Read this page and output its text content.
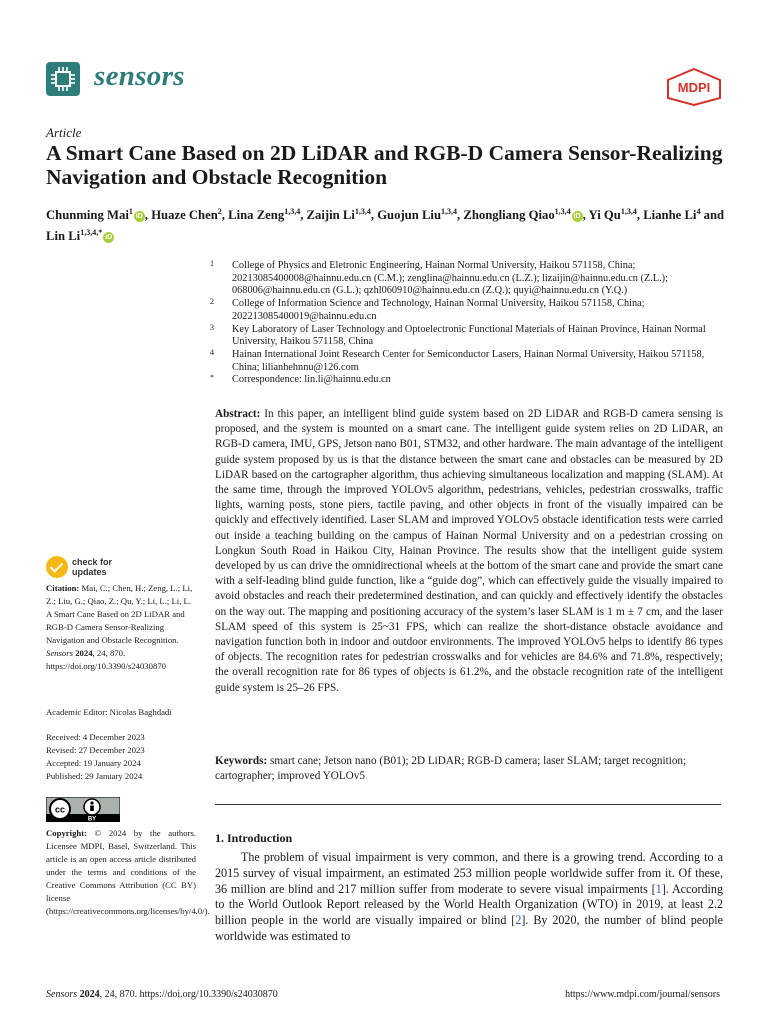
sensors	MDPI
Article
A Smart Cane Based on 2D LiDAR and RGB-D Camera Sensor-Realizing Navigation and Obstacle Recognition

Chunming Mai$^1$iD , Huaze Chen$^2$, Lina Zeng$^{1,3,4}$, Zaijin Li$^{1,3,4}$, Guojun Liu$^{1,3,4}$, Zhongliang Qiao$^{1,3,4}$iD , Yi Qu$^{1,3,4}$, Lianhe Li$^4$ and Lin $Li^{1,3,4,*}iD$

1 College of Physics and Eletronic Engineering, Hainan Normal University, Haikou 571158, China; 20213085400008@hainnu.edu.cn (C.M.); zenglina@hainnu.edu.cn (L.Z.); lizaijin@hainnu.edu.cn (Z.L.); 068006@hainnu.edu.cn (G.L.); qzhl060910@hainnu.edu.cn (Z.Q.); quyi@hainnu.edu.cn (Y.Q.)
2 College of Information Science and Technology, Hainan Normal University, Haikou 571158, China; 202213085400019@hainnu.edu.cn
3 Key Laboratory of Laser Technology and Optoelectronic Functional Materials of Hainan Province, Hainan Normal University, Haikou 571158, China
4 Hainan International Joint Research Center for Semiconductor Lasers, Hainan Normal University, Haikou 571158, China; lilianhehnnu@126.com
* Correspondence: lin.li@hainnu.edu.cn

Abstract: In this paper, an intelligent blind guide system based on 2D LiDAR and RGB-D camera sensing is proposed, and the system is mounted on a smart cane. The intelligent guide system relies on 2D LiDAR, an RGB-D camera, IMU, GPS, Jetson nano B01, STM32, and other hardware. The main advantage of the intelligent guide system proposed by us is that the distance between the smart cane and obstacles can be measured by 2D LiDAR based on the cartographer algorithm, thus achieving simultaneous localization and mapping (SLAM). At the same time, through the improved YOLOv5 algorithm, pedestrians, vehicles, pedestrian crosswalks, traffic lights, warning posts, stone piers, tactile paving, and other objects in front of the visually impaired can be quickly and effectively identified. Laser SLAM and improved YOLOv5 obstacle identification tests were carried out inside a teaching building on the campus of Hainan Normal University and on a pedestrian crossing on Longkun South Road in Haikou City, Hainan Province. The results show that the intelligent guide system developed by us can drive the omnidirectional wheels at the bottom of the smart cane and provide the smart cane with a self-leading blind guide function, like a “guide dog”, which can effectively guide the visually impaired to avoid obstacles and reach their predetermined destination, and can quickly and effectively identify the obstacles on the way out. The mapping and positioning accuracy of the system’s laser SLAM is 1 m ± 7 cm, and the laser SLAM speed of this system is 25~31 FPS, which can realize the short-distance obstacle avoidance and navigation function both in indoor and outdoor environments. The improved YOLOv5 helps to identify 86 types of objects. The recognition rates for pedestrian crosswalks and for vehicles are 84.6% and 71.8%, respectively; the overall recognition rate for 86 types of objects is 61.2%, and the obstacle recognition rate of the intelligent guide system is 25–26 FPS.

Keywords: smart cane; Jetson nano (B01); 2D LiDAR; RGB-D camera; laser SLAM; target recognition; cartographer; improved YOLOv5

1. Introduction

The problem of visual impairment is very common, and there is a growing trend. According to a 2015 survey of visual impairment, an estimated 253 million people worldwide suffer from it. Of these, 36 million are blind and 217 million suffer from moderate to severe visual impairments [1]. According to the World Outlook Report released by the World Health Organization (WTO) in 2019, at least 2.2 billion people in the world are visually impaired or blind [2]. By 2020, the number of blind people worldwide was estimated to

check for
updates

Citation: Mai, C.; Chen, H.; Zeng, L.; Li, Z.; Liu, G.; Qiao, Z.; Qu, Y.; Li, L.; Li, L. A Smart Cane Based on 2D LiDAR and RGB-D Camera Sensor-Realizing Navigation and Obstacle Recognition. Sensors 2024, 24, 870. https://doi.org/10.3390/s24030870

Academic Editor: Nicolas Baghdadi

Received: 4 December 2023
Revised: 27 December 2023
Accepted: 19 January 2024
Published: 29 January 2024
cc
BY

Copyright: © 2024 by the authors. Licensee MDPI, Basel, Switzerland. This article is an open access article distributed under the terms and conditions of the Creative Commons Attribution (CC BY) license (https://creativecommons.org/licenses/by/4.0/).

Sensors 2024, 24, 870. https://doi.org/10.3390/s24030870	https://www.mdpi.com/journal/sensors
